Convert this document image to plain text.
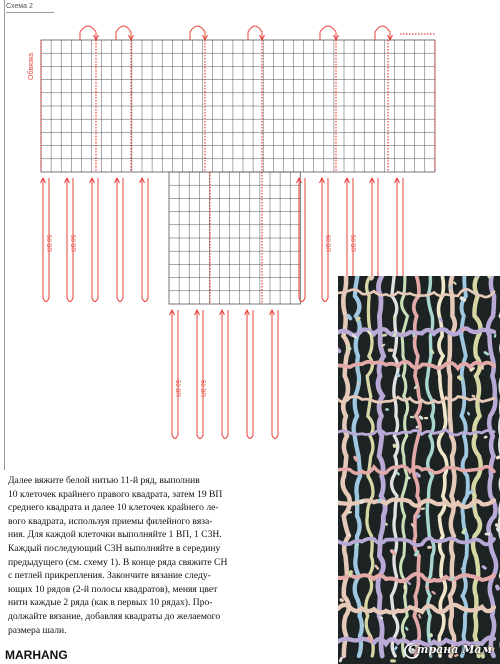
Схема 2
50 ВП	50 ВП	50 ВП	50 ВП
50 ВП	50 ВП
Обвязка

Далее вяжите белой нитью 11-й ряд, выполнив
10 клеточек крайнего правого квадрата, затем 19 ВП
среднего квадрата и далее 10 клеточек крайнего ле-
вого квадрата, используя приемы филейного вяза-
ния. Для каждой клеточки выполняйте 1 ВП, 1 С3Н.
Каждый последующий С3Н выполняйте в середину
предыдущего (см. схему 1). В конце ряда свяжите СН
с петлей прикрепления. Закончите вязание следу-
ющих 10 рядов (2-й полосы квадратов), меняя цвет
нити каждые 2 ряда (как в первых 10 рядах). Про-
должайте вязание, добавляя квадраты до желаемого
размера шали.

MARHANG	Страна Мам
